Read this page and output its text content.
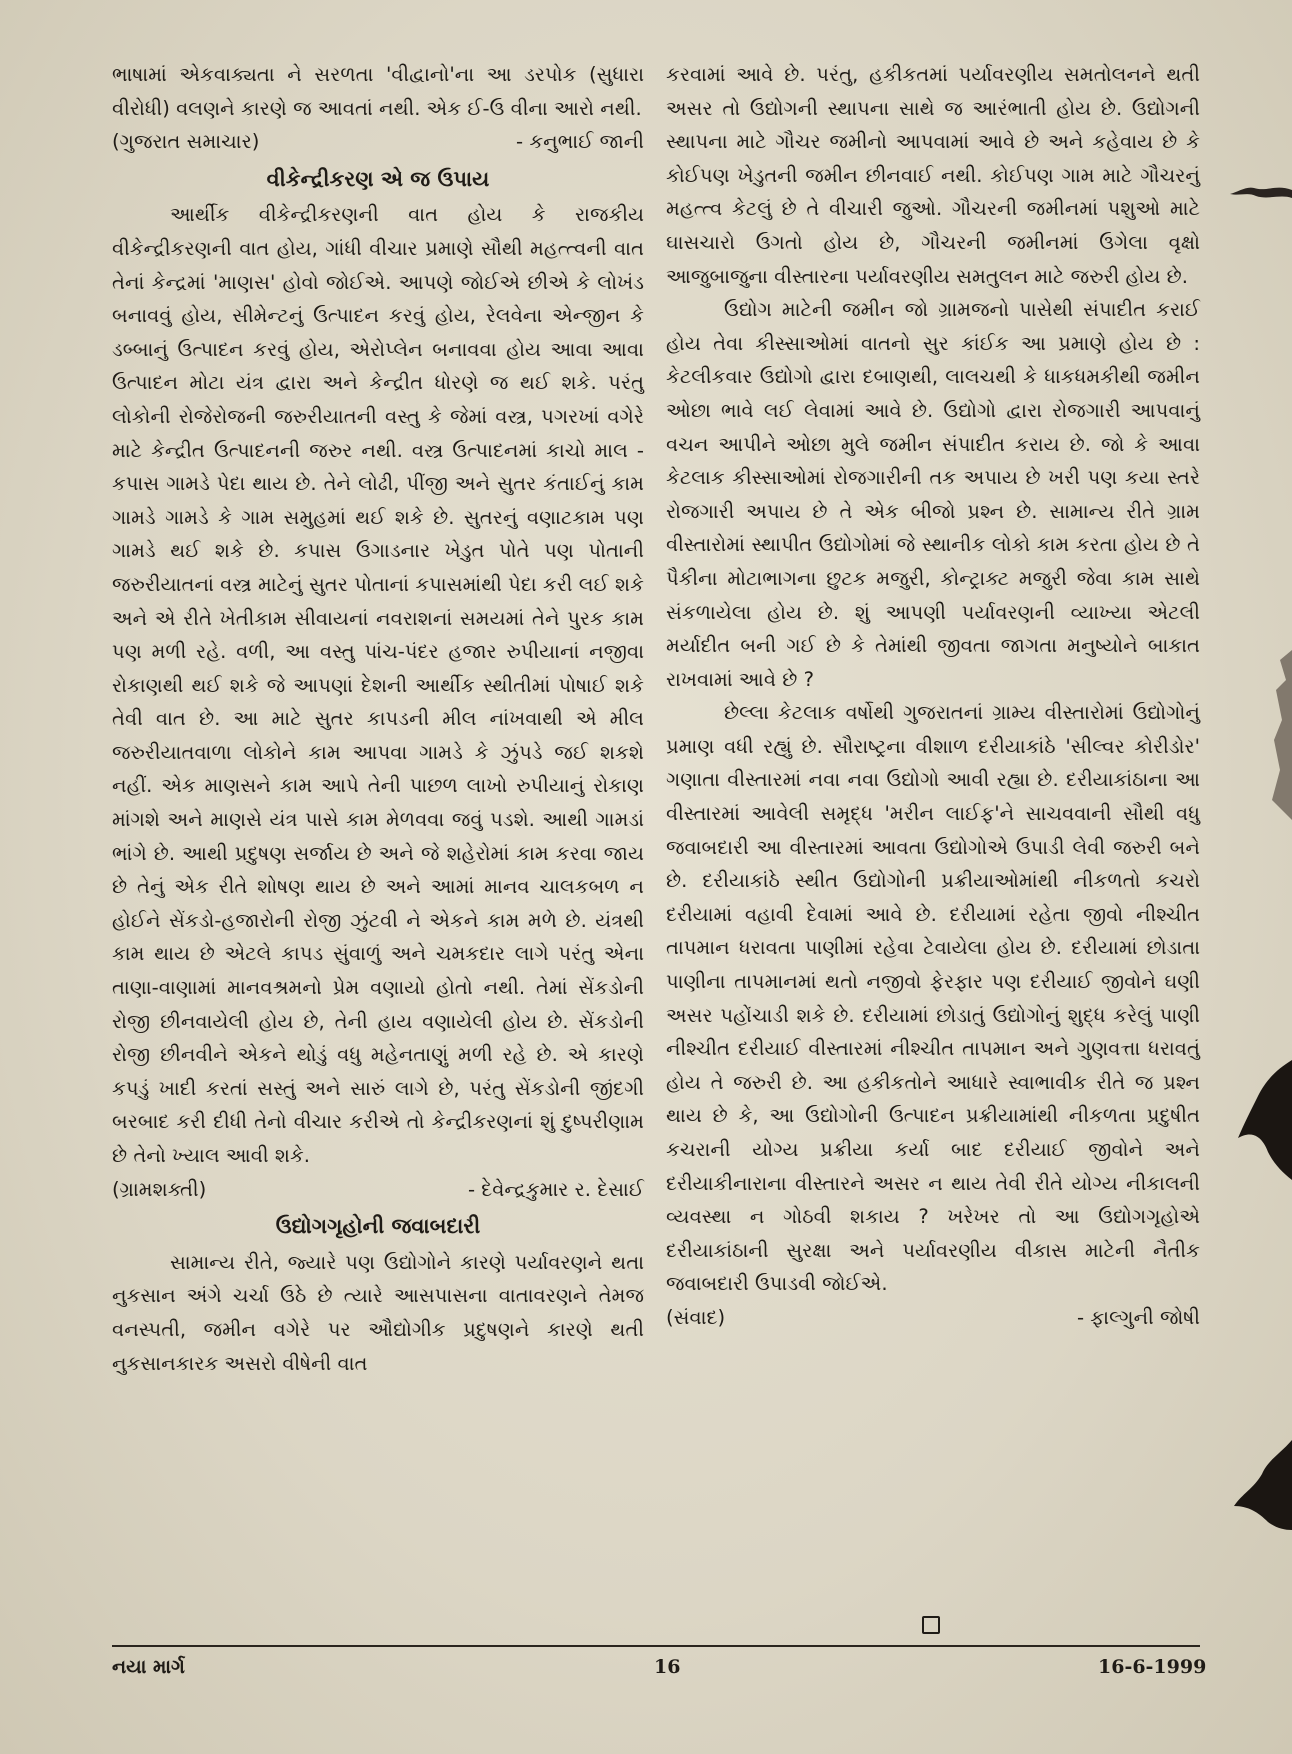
ભાષામાં એકવાક્યતા ને સરળતા 'વીદ્વાનો'ના આ ડરપોક (સુધારા વીરોધી) વલણને કારણે જ આવતાં નથી. એક ઈ-ઉ વીના આરો નથી.

(ગુજરાત સમાચાર)	- કનુભાઈ જાની
વીકેન્દ્રીકરણ એ જ ઉપાય

આર્થીક વીકેન્દ્રીકરણની વાત હોય કે રાજકીય વીકેન્દ્રીકરણની વાત હોય, ગાંધી વીચાર પ્રમાણે સૌથી મહત્ત્વની વાત તેનાં કેન્દ્રમાં 'માણસ' હોવો જોઈએ. આપણે જોઈએ છીએ કે લોખંડ બનાવવું હોય, સીમેન્ટનું ઉત્પાદન કરવું હોય, રેલવેના એન્જીન કે ડબ્બાનું ઉત્પાદન કરવું હોય, એરોપ્લેન બનાવવા હોય આવા આવા ઉત્પાદન મોટા યંત્ર દ્વારા અને કેન્દ્રીત ધોરણે જ થઈ શકે. પરંતુ લોકોની રોજેરોજની જરુરીયાતની વસ્તુ કે જેમાં વસ્ત્ર, પગરખાં વગેરે માટે કેન્દ્રીત ઉત્પાદનની જરુર નથી. વસ્ત્ર ઉત્પાદનમાં કાચો માલ - કપાસ ગામડે પેદા થાય છે. તેને લોઢી, પીંજી અને સુતર કંતાઈનું કામ ગામડે ગામડે કે ગામ સમુહમાં થઈ શકે છે. સુતરનું વણાટકામ પણ ગામડે થઈ શકે છે. કપાસ ઉગાડનાર ખેડુત પોતે પણ પોતાની જરુરીયાતનાં વસ્ત્ર માટેનું સુતર પોતાનાં કપાસમાંથી પેદા કરી લઈ શકે અને એ રીતે ખેતીકામ સીવાયનાં નવરાશનાં સમયમાં તેને પુરક કામ પણ મળી રહે. વળી, આ વસ્તુ પાંચ-પંદર હજાર રુપીયાનાં નજીવા રોકાણથી થઈ શકે જે આપણાં દેશની આર્થીક સ્થીતીમાં પોષાઈ શકે તેવી વાત છે. આ માટે સુતર કાપડની મીલ નાંખવાથી એ મીલ જરુરીયાતવાળા લોકોને કામ આપવા ગામડે કે ઝુંપડે જઈ શકશે નહીં. એક માણસને કામ આપે તેની પાછળ લાખો રુપીયાનું રોકાણ માંગશે અને માણસે યંત્ર પાસે કામ મેળવવા જવું પડશે. આથી ગામડાં ભાંગે છે. આથી પ્રદુષણ સર્જાય છે અને જે શહેરોમાં કામ કરવા જાય છે તેનું એક રીતે શોષણ થાય છે અને આમાં માનવ ચાલકબળ ન હોઈને સેંકડો-હજારોની રોજી ઝુંટવી ને એકને કામ મળે છે. યંત્રથી કામ થાય છે એટલે કાપડ સુંવાળું અને ચમકદાર લાગે પરંતુ એના તાણા-વાણામાં માનવશ્રમનો પ્રેમ વણાયો હોતો નથી. તેમાં સેંકડોની રોજી છીનવાયેલી હોય છે, તેની હાય વણાયેલી હોય છે. સેંકડોની રોજી છીનવીને એકને થોડું વધુ મહેનતાણું મળી રહે છે. એ કારણે કપડું ખાદી કરતાં સસ્તું અને સારું લાગે છે, પરંતુ સેંકડોની જીંદગી બરબાદ કરી દીધી તેનો વીચાર કરીએ તો કેન્દ્રીકરણનાં શું દુષ્પરીણામ છે તેનો ખ્યાલ આવી શકે.

(ગ્રામશક્તી)	- દેવેન્દ્રકુમાર ર. દેસાઈ
ઉદ્યોગગૃહોની જવાબદારી

સામાન્ય રીતે, જ્યારે પણ ઉદ્યોગોને કારણે પર્યાવરણને થતા નુકસાન અંગે ચર્ચા ઉઠે છે ત્યારે આસપાસના વાતાવરણને તેમજ વનસ્પતી, જમીન વગેરે પર ઔદ્યોગીક પ્રદુષણને કારણે થતી નુકસાનકારક અસરો વીષેની વાત

કરવામાં આવે છે. પરંતુ, હકીકતમાં પર્યાવરણીય સમતોલનને થતી અસર તો ઉદ્યોગની સ્થાપના સાથે જ આરંભાતી હોય છે. ઉદ્યોગની સ્થાપના માટે ગૌચર જમીનો આપવામાં આવે છે અને કહેવાય છે કે કોઈપણ ખેડુતની જમીન છીનવાઈ નથી. કોઈપણ ગામ માટે ગૌચરનું મહત્ત્વ કેટલું છે તે વીચારી જુઓ. ગૌચરની જમીનમાં પશુઓ માટે ઘાસચારો ઉગતો હોય છે, ગૌચરની જમીનમાં ઉગેલા વૃક્ષો આજુબાજુના વીસ્તારના પર્યાવરણીય સમતુલન માટે જરુરી હોય છે.

ઉદ્યોગ માટેની જમીન જો ગ્રામજનો પાસેથી સંપાદીત કરાઈ હોય તેવા કીસ્સાઓમાં વાતનો સુર કાંઈક આ પ્રમાણે હોય છે : કેટલીકવાર ઉદ્યોગો દ્વારા દબાણથી, લાલચથી કે ધાકધમકીથી જમીન ઓછા ભાવે લઈ લેવામાં આવે છે. ઉદ્યોગો દ્વારા રોજગારી આપવાનું વચન આપીને ઓછા મુલે જમીન સંપાદીત કરાય છે. જો કે આવા કેટલાક કીસ્સાઓમાં રોજગારીની તક અપાય છે ખરી પણ કયા સ્તરે રોજગારી અપાય છે તે એક બીજો પ્રશ્ન છે. સામાન્ય રીતે ગ્રામ વીસ્તારોમાં સ્થાપીત ઉદ્યોગોમાં જે સ્થાનીક લોકો કામ કરતા હોય છે તે પૈકીના મોટાભાગના છુટક મજુરી, કોન્ટ્રાક્ટ મજુરી જેવા કામ સાથે સંકળાયેલા હોય છે. શું આપણી પર્યાવરણની વ્યાખ્યા એટલી મર્યાદીત બની ગઈ છે કે તેમાંથી જીવતા જાગતા મનુષ્યોને બાકાત રાખવામાં આવે છે ?

છેલ્લા કેટલાક વર્ષોથી ગુજરાતનાં ગ્રામ્ય વીસ્તારોમાં ઉદ્યોગોનું પ્રમાણ વધી રહ્યું છે. સૌરાષ્ટ્રના વીશાળ દરીયાકાંઠે 'સીલ્વર કોરીડોર' ગણાતા વીસ્તારમાં નવા નવા ઉદ્યોગો આવી રહ્યા છે. દરીયાકાંઠાના આ વીસ્તારમાં આવેલી સમૃદ્ધ 'મરીન લાઈફ'ને સાચવવાની સૌથી વધુ જવાબદારી આ વીસ્તારમાં આવતા ઉદ્યોગોએ ઉપાડી લેવી જરુરી બને છે. દરીયાકાંઠે સ્થીત ઉદ્યોગોની પ્રક્રીયાઓમાંથી નીકળતો કચરો દરીયામાં વહાવી દેવામાં આવે છે. દરીયામાં રહેતા જીવો નીશ્ચીત તાપમાન ધરાવતા પાણીમાં રહેવા ટેવાયેલા હોય છે. દરીયામાં છોડાતા પાણીના તાપમાનમાં થતો નજીવો ફેરફાર પણ દરીયાઈ જીવોને ઘણી અસર પહોંચાડી શકે છે. દરીયામાં છોડાતું ઉદ્યોગોનું શુદ્ધ કરેલું પાણી નીશ્ચીત દરીયાઈ વીસ્તારમાં નીશ્ચીત તાપમાન અને ગુણવત્તા ધરાવતું હોય તે જરુરી છે. આ હકીકતોને આધારે સ્વાભાવીક રીતે જ પ્રશ્ન થાય છે કે, આ ઉદ્યોગોની ઉત્પાદન પ્રક્રીયામાંથી નીકળતા પ્રદુષીત કચરાની યોગ્ય પ્રક્રીયા કર્યા બાદ દરીયાઈ જીવોને અને દરીયાકીનારાના વીસ્તારને અસર ન થાય તેવી રીતે યોગ્ય નીકાલની વ્યવસ્થા ન ગોઠવી શકાય ? ખરેખર તો આ ઉદ્યોગગૃહોએ દરીયાકાંઠાની સુરક્ષા અને પર્યાવરણીય વીકાસ માટેની નૈતીક જવાબદારી ઉપાડવી જોઈએ.

(સંવાદ)	- ફાલ્ગુની જોષી
નયા માર્ગ	16	16-6-1999
